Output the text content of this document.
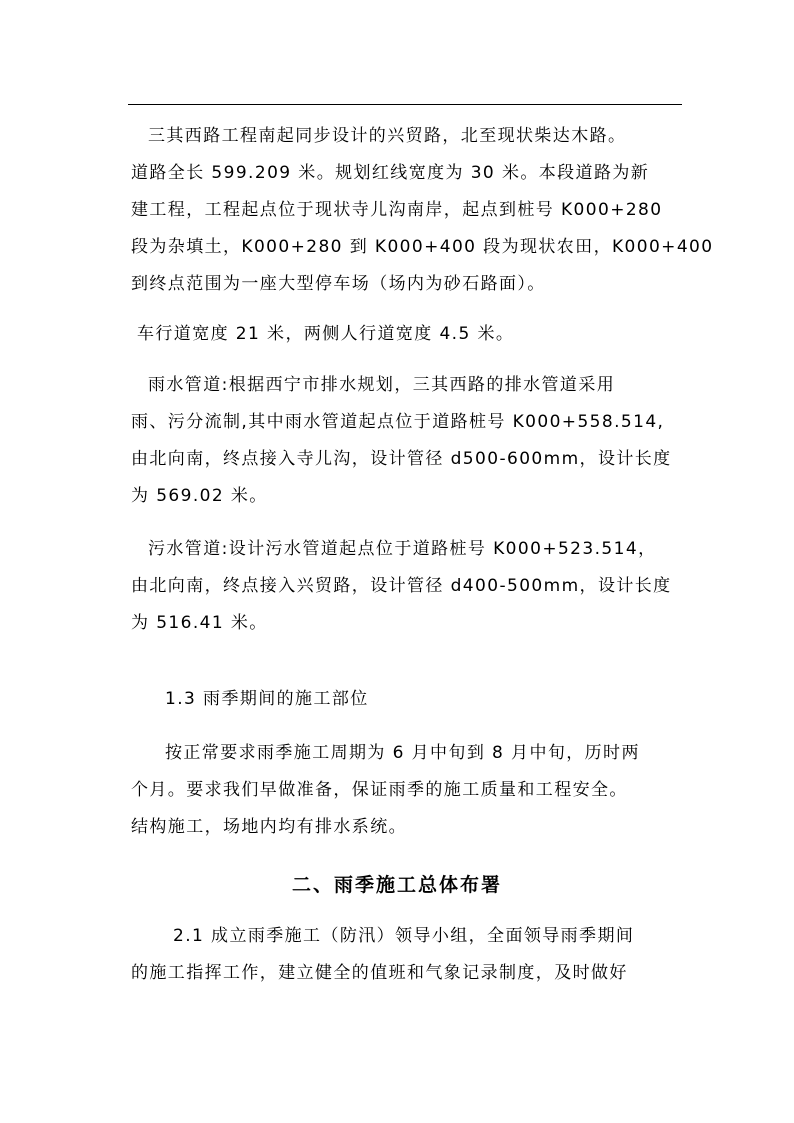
三其西路工程南起同步设计的兴贸路，北至现状柴达木路。
道路全长 599.209 米。规划红线宽度为 30 米。本段道路为新
建工程，工程起点位于现状寺儿沟南岸，起点到桩号 K000+280
段为杂填土，K000+280 到 K000+400 段为现状农田，K000+400
到终点范围为一座大型停车场（场内为砂石路面）。

车行道宽度 21 米，两侧人行道宽度 4.5 米。

雨水管道:根据西宁市排水规划，三其西路的排水管道采用
雨、污分流制,其中雨水管道起点位于道路桩号 K000+558.514,
由北向南，终点接入寺儿沟，设计管径 d500-600mm，设计长度
为 569.02 米。

污水管道:设计污水管道起点位于道路桩号 K000+523.514，
由北向南，终点接入兴贸路，设计管径 d400-500mm，设计长度
为 516.41 米。

1.3 雨季期间的施工部位

按正常要求雨季施工周期为 6 月中旬到 8 月中旬，历时两
个月。要求我们早做准备，保证雨季的施工质量和工程安全。
结构施工，场地内均有排水系统。

二、雨季施工总体布署

2.1 成立雨季施工（防汛）领导小组，全面领导雨季期间
的施工指挥工作，建立健全的值班和气象记录制度，及时做好
